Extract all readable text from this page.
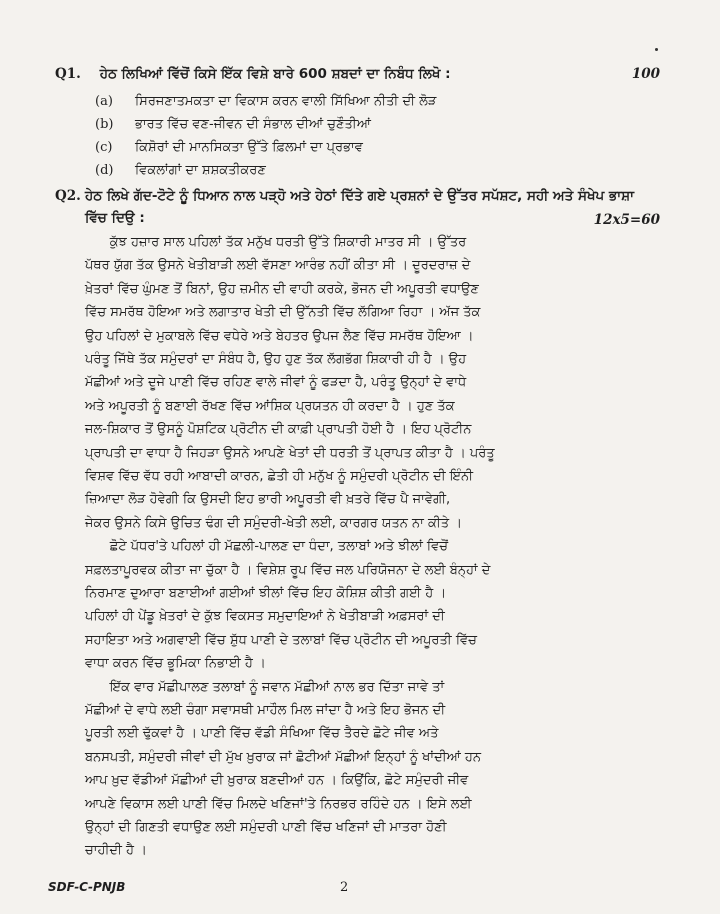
Q1. ਹੇਠ ਲਿਖਿਆਂ ਵਿੱਚੋਂ ਕਿਸੇ ਇੱਕ ਵਿਸ਼ੇ ਬਾਰੇ 600 ਸ਼ਬਦਾਂ ਦਾ ਨਿਬੰਧ ਲਿਖੋ :	100
(a) ਸਿਰਜਣਾਤਮਕਤਾ ਦਾ ਵਿਕਾਸ ਕਰਨ ਵਾਲੀ ਸਿੱਖਿਆ ਨੀਤੀ ਦੀ ਲੋੜ
(b) ਭਾਰਤ ਵਿੱਚ ਵਣ-ਜੀਵਨ ਦੀ ਸੰਭਾਲ ਦੀਆਂ ਚੁਣੌਤੀਆਂ
(c) ਕਿਸ਼ੋਰਾਂ ਦੀ ਮਾਨਸਿਕਤਾ ਉੱਤੇ ਫ਼ਿਲਮਾਂ ਦਾ ਪ੍ਰਭਾਵ
(d) ਵਿਕਲਾਂਗਾਂ ਦਾ ਸ਼ਸ਼ਕਤੀਕਰਣ
Q2. ਹੇਠ ਲਿਖੇ ਗੱਦ-ਟੋਟੇ ਨੂੰ ਧਿਆਨ ਨਾਲ ਪੜ੍ਹੋ ਅਤੇ ਹੇਠਾਂ ਦਿੱਤੇ ਗਏ ਪ੍ਰਸ਼ਨਾਂ ਦੇ ਉੱਤਰ ਸਪੱਸ਼ਟ, ਸਹੀ ਅਤੇ ਸੰਖੇਪ ਭਾਸ਼ਾ ਵਿੱਚ ਦਿਉ :	12x5=60
ਕੁੱਝ ਹਜ਼ਾਰ ਸਾਲ ਪਹਿਲਾਂ ਤੱਕ ਮਨੁੱਖ ਧਰਤੀ ਉੱਤੇ ਸ਼ਿਕਾਰੀ ਮਾਤਰ ਸੀ । ਉੱਤਰ
ਪੱਥਰ ਯੁੱਗ ਤੱਕ ਉਸਨੇ ਖੇਤੀਬਾੜੀ ਲਈ ਵੱਸਣਾ ਆਰੰਭ ਨਹੀਂ ਕੀਤਾ ਸੀ । ਦੂਰਦਰਾਜ਼ ਦੇ
ਖ਼ੇਤਰਾਂ ਵਿੱਚ ਘੁੰਮਣ ਤੋਂ ਬਿਨਾਂ, ਉਹ ਜ਼ਮੀਨ ਦੀ ਵਾਹੀ ਕਰਕੇ, ਭੋਜਨ ਦੀ ਅਪੂਰਤੀ ਵਧਾਉਣ
ਵਿੱਚ ਸਮਰੱਥ ਹੋਇਆ ਅਤੇ ਲਗਾਤਾਰ ਖੇਤੀ ਦੀ ਉੱਨਤੀ ਵਿੱਚ ਲੱਗਿਆ ਰਿਹਾ । ਅੱਜ ਤੱਕ
ਉਹ ਪਹਿਲਾਂ ਦੇ ਮੁਕਾਬਲੇ ਵਿੱਚ ਵਧੇਰੇ ਅਤੇ ਬੇਹਤਰ ਉਪਜ ਲੈਣ ਵਿੱਚ ਸਮਰੱਥ ਹੋਇਆ ।
ਪਰੰਤੂ ਜਿੱਥੇ ਤੱਕ ਸਮੁੰਦਰਾਂ ਦਾ ਸੰਬੰਧ ਹੈ, ਉਹ ਹੁਣ ਤੱਕ ਲੱਗਭੱਗ ਸ਼ਿਕਾਰੀ ਹੀ ਹੈ । ਉਹ
ਮੱਛੀਆਂ ਅਤੇ ਦੂਜੇ ਪਾਣੀ ਵਿੱਚ ਰਹਿਣ ਵਾਲੇ ਜੀਵਾਂ ਨੂੰ ਫੜਦਾ ਹੈ, ਪਰੰਤੂ ਉਨ੍ਹਾਂ ਦੇ ਵਾਧੇ
ਅਤੇ ਅਪੂਰਤੀ ਨੂੰ ਬਣਾਈ ਰੱਖਣ ਵਿੱਚ ਆਂਸ਼ਿਕ ਪ੍ਰਯਤਨ ਹੀ ਕਰਦਾ ਹੈ । ਹੁਣ ਤੱਕ
ਜਲ-ਸ਼ਿਕਾਰ ਤੋਂ ਉਸਨੂੰ ਪੋਸ਼ਟਿਕ ਪ੍ਰੋਟੀਨ ਦੀ ਕਾਫ਼ੀ ਪ੍ਰਾਪਤੀ ਹੋਈ ਹੈ । ਇਹ ਪ੍ਰੋਟੀਨ
ਪ੍ਰਾਪਤੀ ਦਾ ਵਾਧਾ ਹੈ ਜਿਹੜਾ ਉਸਨੇ ਆਪਣੇ ਖੇਤਾਂ ਦੀ ਧਰਤੀ ਤੋਂ ਪ੍ਰਾਪਤ ਕੀਤਾ ਹੈ । ਪਰੰਤੂ
ਵਿਸ਼ਵ ਵਿੱਚ ਵੱਧ ਰਹੀ ਆਬਾਦੀ ਕਾਰਨ, ਛੇਤੀ ਹੀ ਮਨੁੱਖ ਨੂੰ ਸਮੁੰਦਰੀ ਪ੍ਰੋਟੀਨ ਦੀ ਇੰਨੀ
ਜ਼ਿਆਦਾ ਲੋੜ ਹੋਵੇਗੀ ਕਿ ਉਸਦੀ ਇਹ ਭਾਰੀ ਅਪੂਰਤੀ ਵੀ ਖ਼ਤਰੇ ਵਿੱਚ ਪੈ ਜਾਵੇਗੀ,
ਜੇਕਰ ਉਸਨੇ ਕਿਸੇ ਉਚਿਤ ਢੰਗ ਦੀ ਸਮੁੰਦਰੀ-ਖੇਤੀ ਲਈ, ਕਾਰਗਰ ਯਤਨ ਨਾ ਕੀਤੇ ।
ਛੋਟੇ ਪੱਧਰ'ਤੇ ਪਹਿਲਾਂ ਹੀ ਮੱਛਲੀ-ਪਾਲਣ ਦਾ ਧੰਦਾ, ਤਲਾਬਾਂ ਅਤੇ ਝੀਲਾਂ ਵਿਚੋਂ
ਸਫ਼ਲਤਾਪੂਰਵਕ ਕੀਤਾ ਜਾ ਚੁੱਕਾ ਹੈ । ਵਿਸ਼ੇਸ਼ ਰੂਪ ਵਿੱਚ ਜਲ ਪਰਿਯੋਜਨਾ ਦੇ ਲਈ ਬੰਨ੍ਹਾਂ ਦੇ
ਨਿਰਮਾਣ ਦੁਆਰਾ ਬਣਾਈਆਂ ਗਈਆਂ ਝੀਲਾਂ ਵਿੱਚ ਇਹ ਕੋਸ਼ਿਸ਼ ਕੀਤੀ ਗਈ ਹੈ ।
ਪਹਿਲਾਂ ਹੀ ਪੇਂਡੂ ਖ਼ੇਤਰਾਂ ਦੇ ਕੁੱਝ ਵਿਕਸਤ ਸਮੁਦਾਇਆਂ ਨੇ ਖੇਤੀਬਾੜੀ ਅਫ਼ਸਰਾਂ ਦੀ
ਸਹਾਇਤਾ ਅਤੇ ਅਗਵਾਈ ਵਿੱਚ ਸ਼ੁੱਧ ਪਾਣੀ ਦੇ ਤਲਾਬਾਂ ਵਿੱਚ ਪ੍ਰੋਟੀਨ ਦੀ ਅਪੂਰਤੀ ਵਿੱਚ
ਵਾਧਾ ਕਰਨ ਵਿੱਚ ਭੂਮਿਕਾ ਨਿਭਾਈ ਹੈ ।
ਇੱਕ ਵਾਰ ਮੱਛੀਪਾਲਣ ਤਲਾਬਾਂ ਨੂੰ ਜਵਾਨ ਮੱਛੀਆਂ ਨਾਲ ਭਰ ਦਿੱਤਾ ਜਾਵੇ ਤਾਂ
ਮੱਛੀਆਂ ਦੇ ਵਾਧੇ ਲਈ ਚੰਗਾ ਸਵਾਸਥੀ ਮਾਹੌਲ ਮਿਲ ਜਾਂਦਾ ਹੈ ਅਤੇ ਇਹ ਭੋਜਨ ਦੀ
ਪੂਰਤੀ ਲਈ ਢੁੱਕਵਾਂ ਹੈ । ਪਾਣੀ ਵਿੱਚ ਵੱਡੀ ਸੰਖਿਆ ਵਿੱਚ ਤੈਰਦੇ ਛੋਟੇ ਜੀਵ ਅਤੇ
ਬਨਸਪਤੀ, ਸਮੁੰਦਰੀ ਜੀਵਾਂ ਦੀ ਮੁੱਖ ਖ਼ੁਰਾਕ ਜਾਂ ਛੋਟੀਆਂ ਮੱਛੀਆਂ ਇਨ੍ਹਾਂ ਨੂੰ ਖਾਂਦੀਆਂ ਹਨ
ਆਪ ਖ਼ੁਦ ਵੱਡੀਆਂ ਮੱਛੀਆਂ ਦੀ ਖ਼ੁਰਾਕ ਬਣਦੀਆਂ ਹਨ । ਕਿਉਂਕਿ, ਛੋਟੇ ਸਮੁੰਦਰੀ ਜੀਵ
ਆਪਣੇ ਵਿਕਾਸ ਲਈ ਪਾਣੀ ਵਿੱਚ ਮਿਲਦੇ ਖਣਿਜਾਂ'ਤੇ ਨਿਰਭਰ ਰਹਿੰਦੇ ਹਨ । ਇਸੇ ਲਈ
ਉਨ੍ਹਾਂ ਦੀ ਗਿਣਤੀ ਵਧਾਉਣ ਲਈ ਸਮੁੰਦਰੀ ਪਾਣੀ ਵਿੱਚ ਖਣਿਜਾਂ ਦੀ ਮਾਤਰਾ ਹੋਣੀ
ਚਾਹੀਦੀ ਹੈ ।
SDF-C-PNJB	2
